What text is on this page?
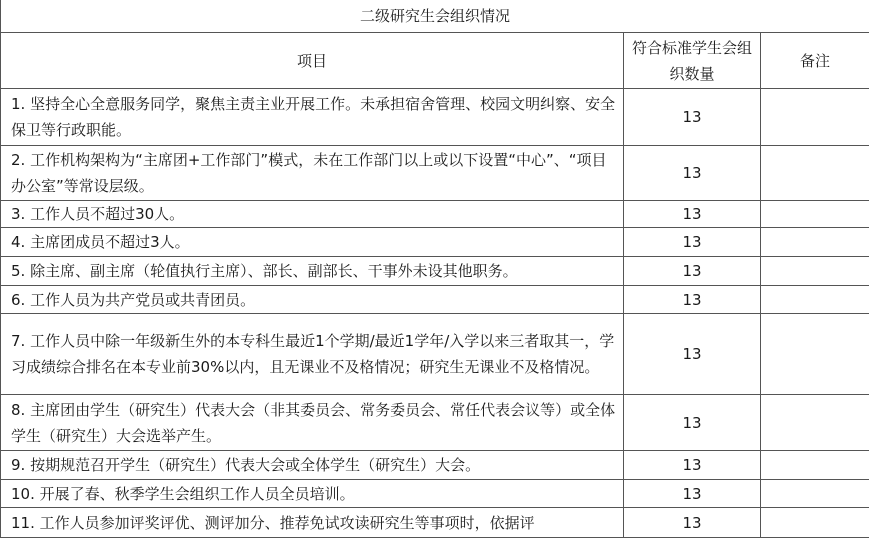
二级研究生会组织情况		
项目	符合标准学生会组织数量	备注
1. 坚持全心全意服务同学，聚焦主责主业开展工作。未承担宿舍管理、校园文明纠察、安全保卫等行政职能。	13	
2. 工作机构架构为“主席团+工作部门”模式，未在工作部门以上或以下设置“中心”、“项目办公室”等常设层级。	13	
3. 工作人员不超过30人。	13	
4. 主席团成员不超过3人。	13	
5. 除主席、副主席（轮值执行主席）、部长、副部长、干事外未设其他职务。	13	
6. 工作人员为共产党员或共青团员。	13	
7. 工作人员中除一年级新生外的本专科生最近1个学期/最近1学年/入学以来三者取其一，学习成绩综合排名在本专业前30%以内，且无课业不及格情况；研究生无课业不及格情况。	13	
8. 主席团由学生（研究生）代表大会（非其委员会、常务委员会、常任代表会议等）或全体学生（研究生）大会选举产生。	13	
9. 按期规范召开学生（研究生）代表大会或全体学生（研究生）大会。	13	
10. 开展了春、秋季学生会组织工作人员全员培训。	13	
11. 工作人员参加评奖评优、测评加分、推荐免试攻读研究生等事项时，依据评	13	
